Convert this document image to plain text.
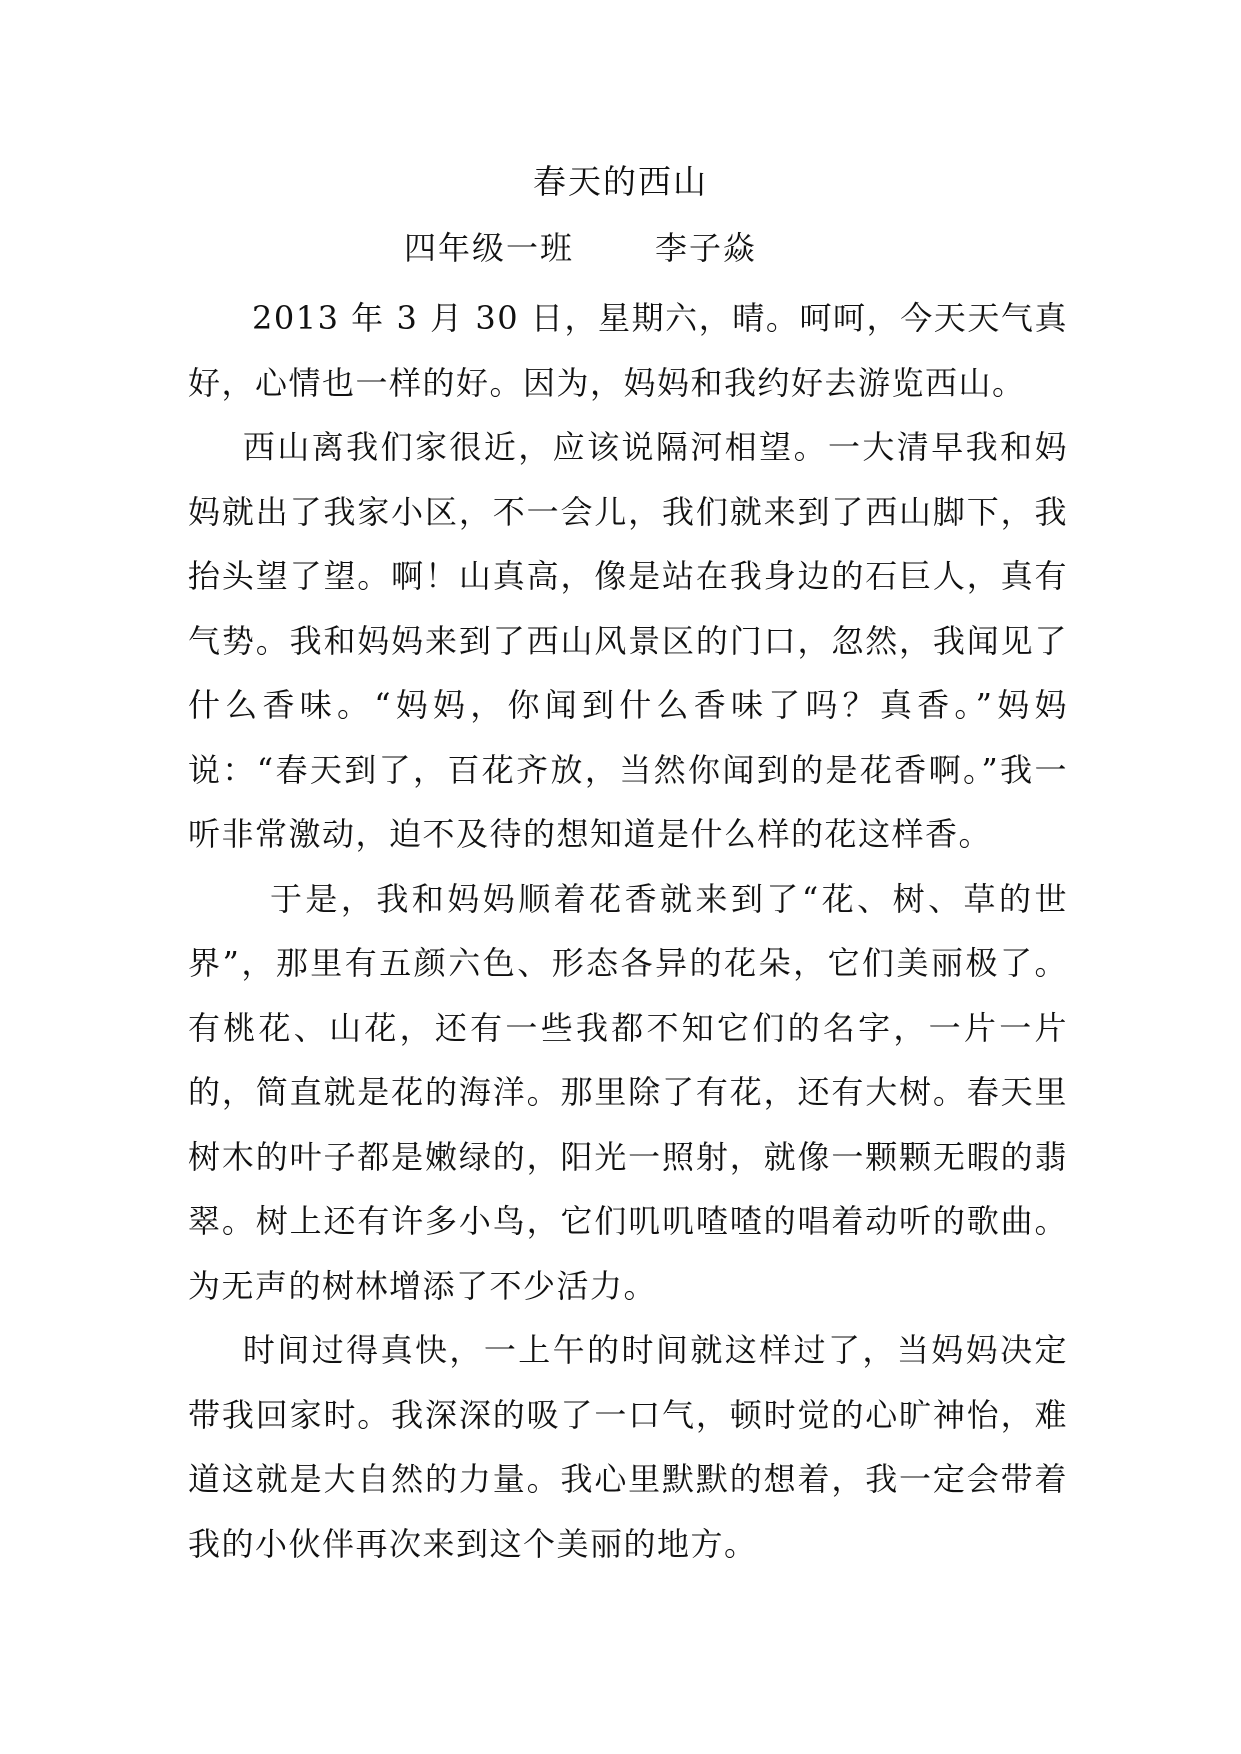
春天的西山
四年级一班	李子焱

2013 年 3 月 30 日，星期六，晴。呵呵，今天天气真好，心情也一样的好。因为，妈妈和我约好去游览西山。

西山离我们家很近，应该说隔河相望。一大清早我和妈妈就出了我家小区，不一会儿，我们就来到了西山脚下，我抬头望了望。啊！山真高，像是站在我身边的石巨人，真有气势。我和妈妈来到了西山风景区的门口，忽然，我闻见了什么香味。“妈妈，你闻到什么香味了吗？真香。”妈妈说：“春天到了，百花齐放，当然你闻到的是花香啊。”我一听非常激动，迫不及待的想知道是什么样的花这样香。

于是，我和妈妈顺着花香就来到了“花、树、草的世界”，那里有五颜六色、形态各异的花朵，它们美丽极了。有桃花、山花，还有一些我都不知它们的名字，一片一片的，简直就是花的海洋。那里除了有花，还有大树。春天里树木的叶子都是嫩绿的，阳光一照射，就像一颗颗无暇的翡翠。树上还有许多小鸟，它们叽叽喳喳的唱着动听的歌曲。为无声的树林增添了不少活力。

时间过得真快，一上午的时间就这样过了，当妈妈决定带我回家时。我深深的吸了一口气，顿时觉的心旷神怡，难道这就是大自然的力量。我心里默默的想着，我一定会带着我的小伙伴再次来到这个美丽的地方。
